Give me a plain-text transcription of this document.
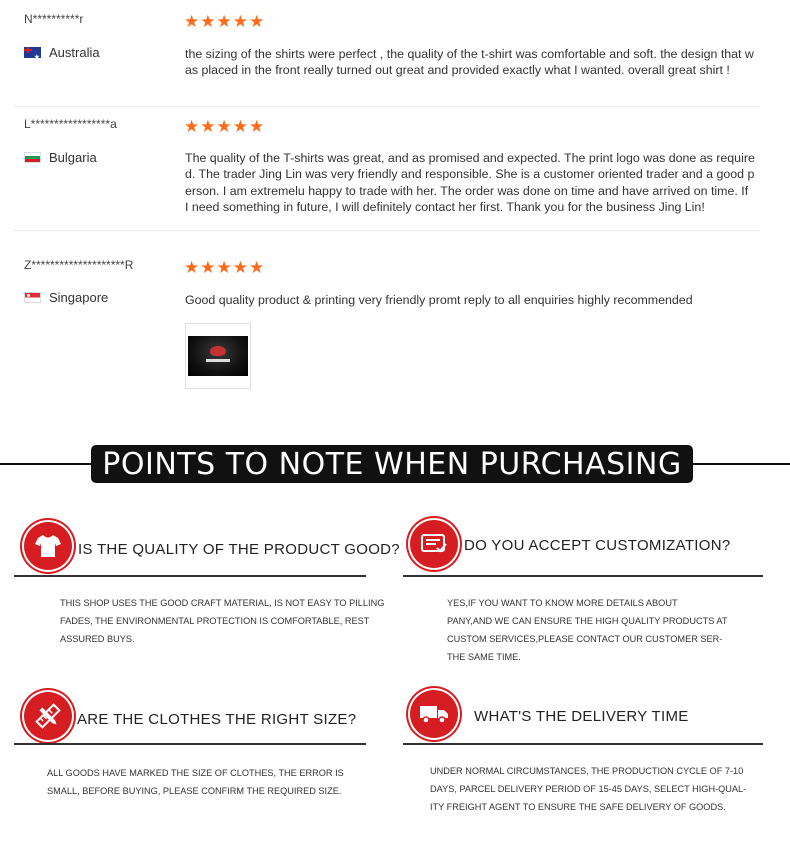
N**********r	★★★★★
★
Australia	the sizing of the shirts were perfect , the quality of the t-shirt was comfortable and soft. the design that was placed in the front really turned out great and provided exactly what I wanted. overall great shirt !
L*****************a	★★★★★
Bulgaria	The quality of the T-shirts was great, and as promised and expected. The print logo was done as required. The trader Jing Lin was very friendly and responsible. She is a customer oriented trader and a good person. I am extremelu happy to trade with her. The order was done on time and have arrived on time. If I need something in future, I will definitely contact her first. Thank you for the business Jing Lin!
Z********************R	★★★★★
Singapore	Good quality product & printing very friendly promt reply to all enquiries highly recommended
POINTS TO NOTE WHEN PURCHASING
IS THE QUALITY OF THE PRODUCT GOOD?
THIS SHOP USES THE GOOD CRAFT MATERIAL, IS NOT EASY TO PILLING
FADES, THE ENVIRONMENTAL PROTECTION IS COMFORTABLE, REST
ASSURED BUYS.
DO YOU ACCEPT CUSTOMIZATION?
YES,IF YOU WANT TO KNOW MORE DETAILS ABOUT
PANY,AND WE CAN ENSURE THE HIGH QUALITY PRODUCTS AT
CUSTOM SERVICES,PLEASE CONTACT OUR CUSTOMER SER-
THE SAME TIME.
ARE THE CLOTHES THE RIGHT SIZE?
ALL GOODS HAVE MARKED THE SIZE OF CLOTHES, THE ERROR IS
SMALL, BEFORE BUYING, PLEASE CONFIRM THE REQUIRED SIZE.
WHAT'S THE DELIVERY TIME
UNDER NORMAL CIRCUMSTANCES, THE PRODUCTION CYCLE OF 7-10
DAYS, PARCEL DELIVERY PERIOD OF 15-45 DAYS, SELECT HIGH-QUAL-
ITY FREIGHT AGENT TO ENSURE THE SAFE DELIVERY OF GOODS.
